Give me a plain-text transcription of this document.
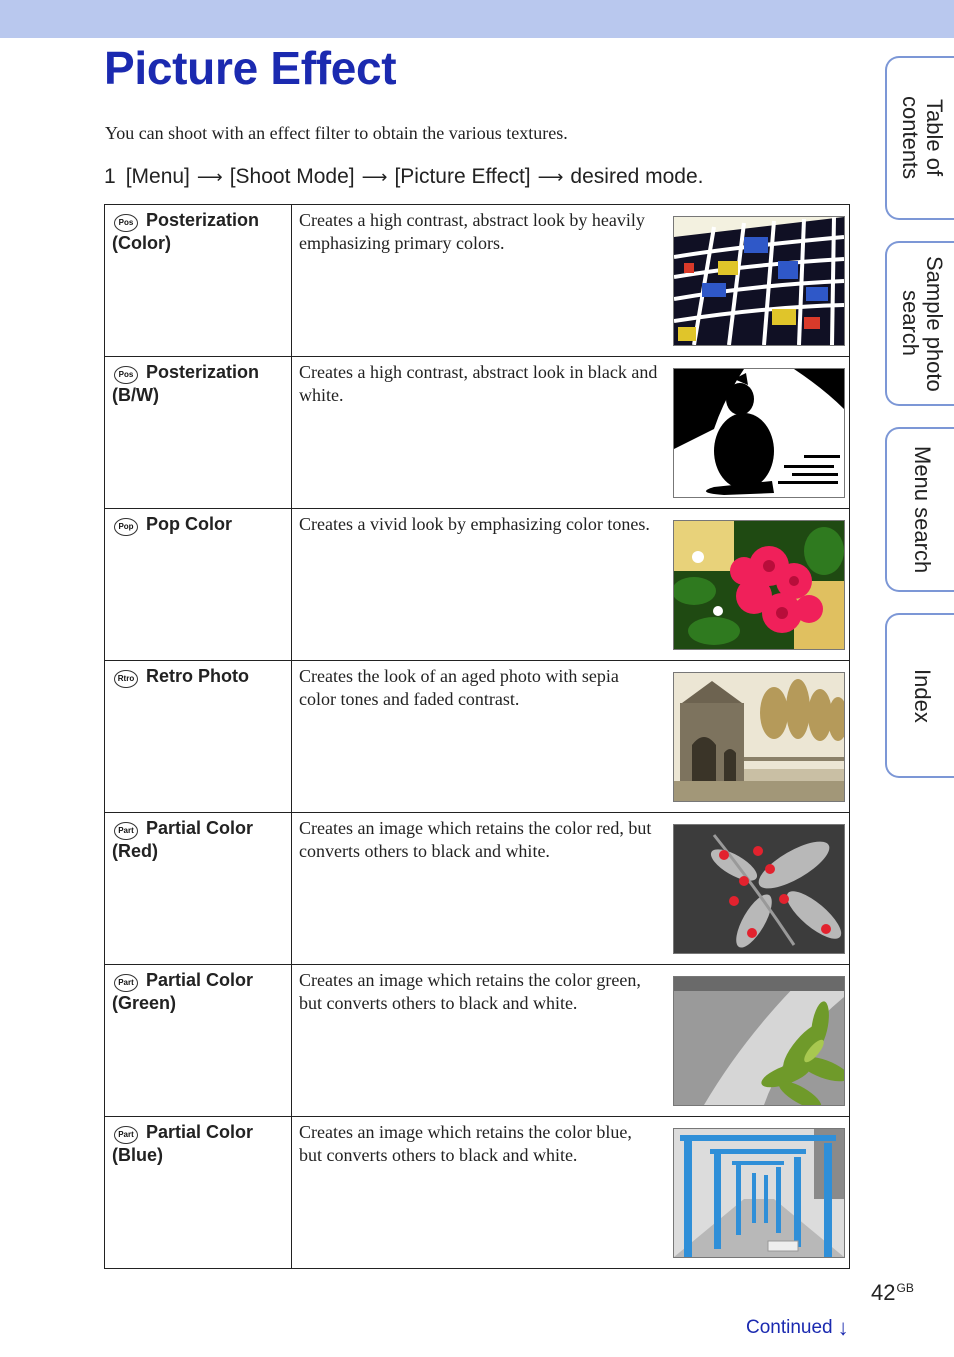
Picture Effect
You can shoot with an effect filter to obtain the various textures.
1 [Menu] ⟶ [Shoot Mode] ⟶ [Picture Effect] ⟶ desired mode.
Pos Posterization (Color)	Creates a high contrast, abstract look by heavily emphasizing primary colors.

Pos Posterization (B/W)	Creates a high contrast, abstract look in black and white.

Pop Pop Color	Creates a vivid look by emphasizing color tones.

Rtro Retro Photo	Creates the look of an aged photo with sepia color tones and faded contrast.

Part Partial Color (Red)	Creates an image which retains the color red, but converts others to black and white.

Part Partial Color (Green)	Creates an image which retains the color green, but converts others to black and white.

Part Partial Color (Blue)	Creates an image which retains the color blue, but converts others to black and white.
Table of contents
Sample photo search
Menu search
Index
$42^{GB}$
Continued ↓
